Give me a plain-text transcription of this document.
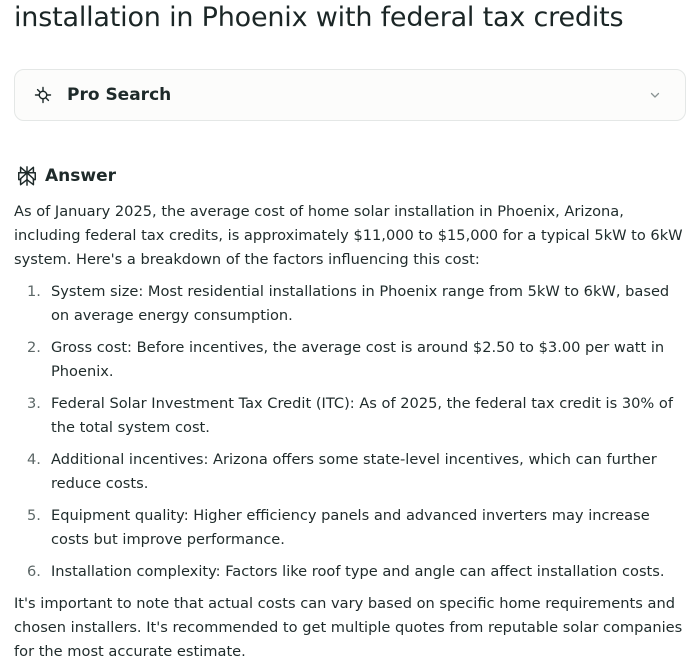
installation in Phoenix with federal tax credits
Pro Search
Answer

As of January 2025, the average cost of home solar installation in Phoenix, Arizona, including federal tax credits, is approximately $11,000 to $15,000 for a typical 5kW to 6kW system. Here's a breakdown of the factors influencing this cost:

1. System size: Most residential installations in Phoenix range from 5kW to 6kW, based on average energy consumption.
2. Gross cost: Before incentives, the average cost is around $2.50 to $3.00 per watt in Phoenix.
3. Federal Solar Investment Tax Credit (ITC): As of 2025, the federal tax credit is 30% of the total system cost.
4. Additional incentives: Arizona offers some state-level incentives, which can further reduce costs.
5. Equipment quality: Higher efficiency panels and advanced inverters may increase costs but improve performance.
6. Installation complexity: Factors like roof type and angle can affect installation costs.

It's important to note that actual costs can vary based on specific home requirements and chosen installers. It's recommended to get multiple quotes from reputable solar companies for the most accurate estimate.
